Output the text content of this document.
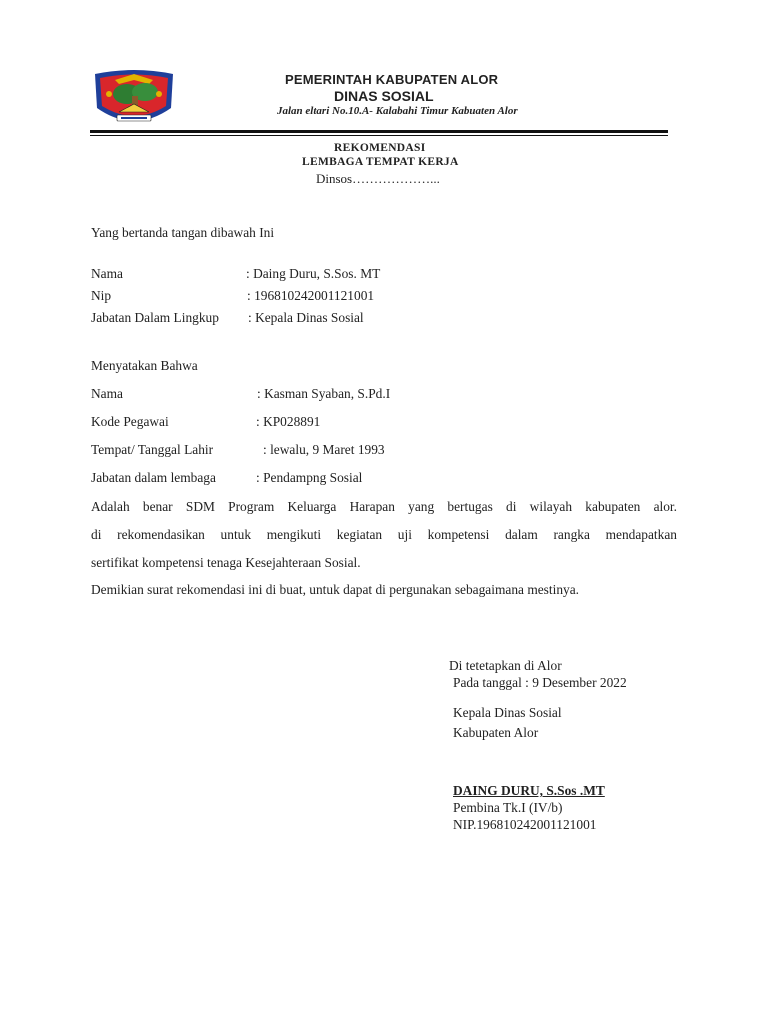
PEMERINTAH KABUPATEN ALOR
DINAS SOSIAL
Jalan eltari No.10.A- Kalabahi Timur Kabuaten Alor
REKOMENDASI
LEMBAGA TEMPAT KERJA
Dinsos………………...
Yang bertanda tangan dibawah Ini
Nama	: Daing Duru, S.Sos. MT
Nip	: 196810242001121001
Jabatan Dalam Lingkup : Kepala Dinas Sosial
Menyatakan Bahwa
Nama	: Kasman Syaban, S.Pd.I
Kode Pegawai	: KP028891
Tempat/ Tanggal Lahir	: lewalu, 9 Maret 1993
Jabatan dalam lembaga	: Pendampng Sosial
Adalah benar SDM Program Keluarga Harapan yang bertugas di wilayah kabupaten alor.
di rekomendasikan untuk mengikuti kegiatan uji kompetensi dalam rangka mendapatkan
sertifikat kompetensi tenaga Kesejahteraan Sosial.
Demikian surat rekomendasi ini di buat, untuk dapat di pergunakan sebagaimana mestinya.
Di tetetapkan di Alor
Pada tanggal : 9 Desember 2022
Kepala Dinas Sosial
Kabupaten Alor
DAING DURU, S.Sos .MT
Pembina Tk.I (IV/b)
NIP.196810242001121001
